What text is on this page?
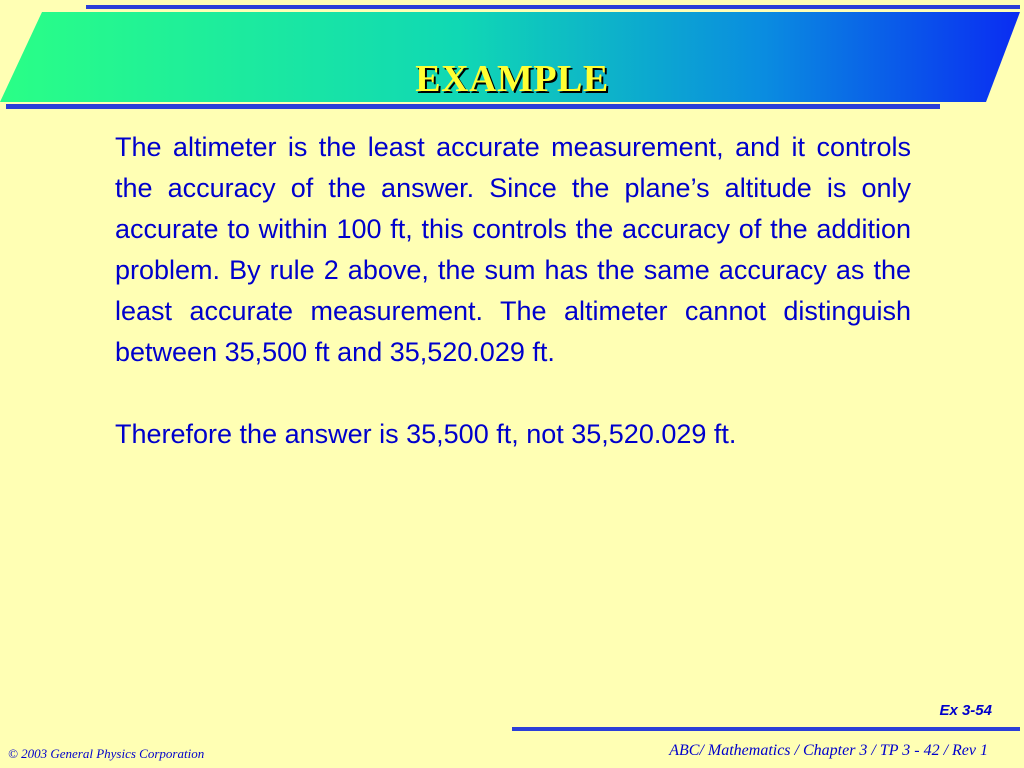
EXAMPLE

The altimeter is the least accurate measurement, and it controls the accuracy of the answer. Since the plane’s altitude is only accurate to within 100 ft, this controls the accuracy of the addition problem. By rule 2 above, the sum has the same accuracy as the least accurate measurement. The altimeter cannot distinguish between 35,500 ft and 35,520.029 ft.

Therefore the answer is 35,500 ft, not 35,520.029 ft.

Ex 3-54
© 2003 General Physics Corporation	ABC/ Mathematics / Chapter 3 / TP 3 - 42 / Rev 1
